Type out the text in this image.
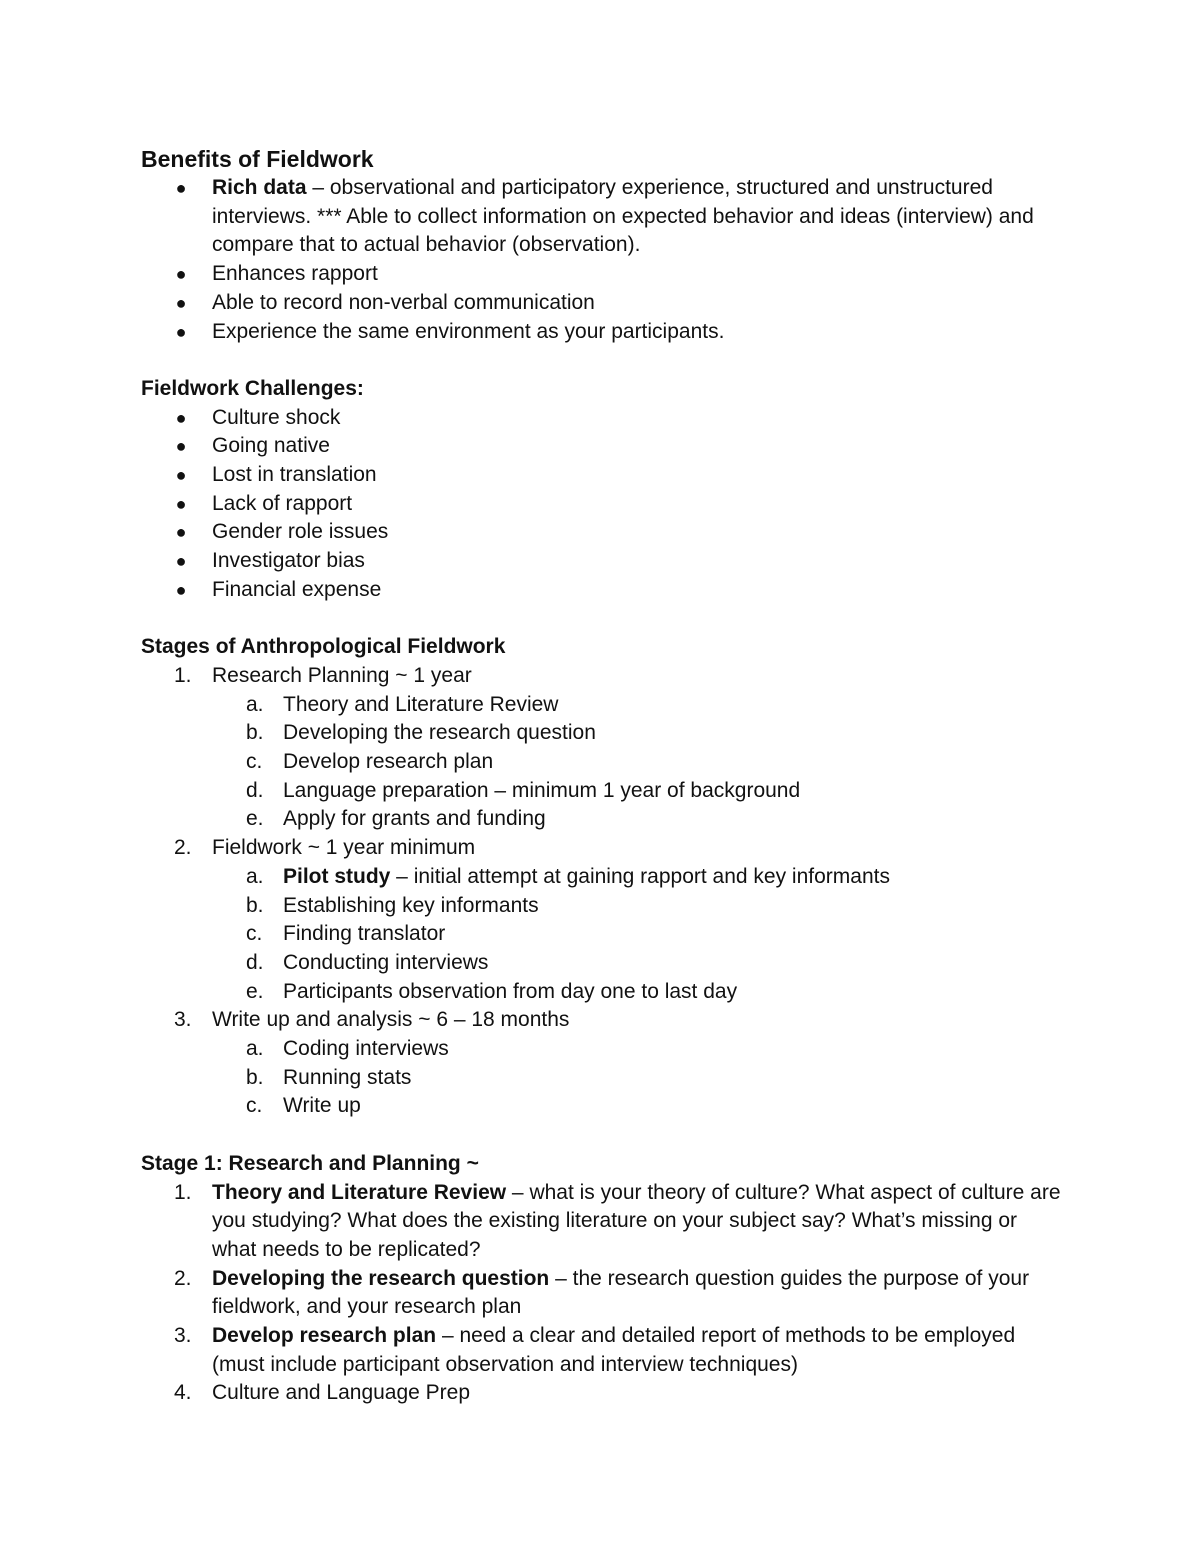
Benefits of Fieldwork

● Rich data – observational and participatory experience, structured and unstructured interviews. *** Able to collect information on expected behavior and ideas (interview) and compare that to actual behavior (observation).
● Enhances rapport
● Able to record non-verbal communication
● Experience the same environment as your participants.

Fieldwork Challenges:

● Culture shock
● Going native
● Lost in translation
● Lack of rapport
● Gender role issues
● Investigator bias
● Financial expense

Stages of Anthropological Fieldwork

1. Research Planning ~ 1 year
a. Theory and Literature Review
b. Developing the research question
c. Develop research plan
d. Language preparation – minimum 1 year of background
e. Apply for grants and funding
2. Fieldwork ~ 1 year minimum
a. Pilot study – initial attempt at gaining rapport and key informants
b. Establishing key informants
c. Finding translator
d. Conducting interviews
e. Participants observation from day one to last day
3. Write up and analysis ~ 6 – 18 months
a. Coding interviews
b. Running stats
c. Write up

Stage 1: Research and Planning ~

1. Theory and Literature Review – what is your theory of culture? What aspect of culture are you studying? What does the existing literature on your subject say? What’s missing or what needs to be replicated?
2. Developing the research question – the research question guides the purpose of your fieldwork, and your research plan
3. Develop research plan – need a clear and detailed report of methods to be employed (must include participant observation and interview techniques)
4. Culture and Language Prep
